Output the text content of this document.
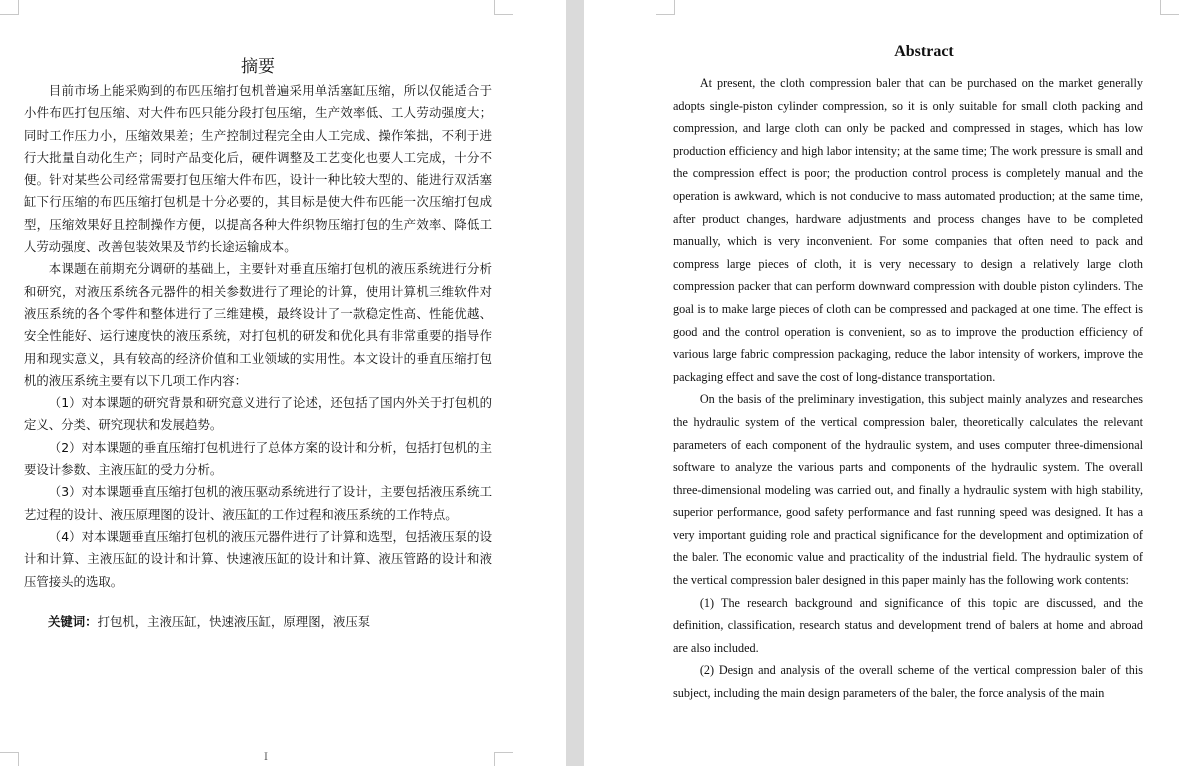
摘要

目前市场上能采购到的布匹压缩打包机普遍采用单活塞缸压缩，所以仅能适合于小件布匹打包压缩、对大件布匹只能分段打包压缩，生产效率低、工人劳动强度大；同时工作压力小，压缩效果差；生产控制过程完全由人工完成、操作笨拙，不利于进行大批量自动化生产；同时产品变化后，硬件调整及工艺变化也要人工完成，十分不便。针对某些公司经常需要打包压缩大件布匹，设计一种比较大型的、能进行双活塞缸下行压缩的布匹压缩打包机是十分必要的，其目标是使大件布匹能一次压缩打包成型，压缩效果好且控制操作方便，以提高各种大件织物压缩打包的生产效率、降低工人劳动强度、改善包装效果及节约长途运输成本。

本课题在前期充分调研的基础上，主要针对垂直压缩打包机的液压系统进行分析和研究，对液压系统各元器件的相关参数进行了理论的计算，使用计算机三维软件对液压系统的各个零件和整体进行了三维建模，最终设计了一款稳定性高、性能优越、安全性能好、运行速度快的液压系统，对打包机的研发和优化具有非常重要的指导作用和现实意义，具有较高的经济价值和工业领域的实用性。本文设计的垂直压缩打包机的液压系统主要有以下几项工作内容：

（1）对本课题的研究背景和研究意义进行了论述，还包括了国内外关于打包机的定义、分类、研究现状和发展趋势。

（2）对本课题的垂直压缩打包机进行了总体方案的设计和分析，包括打包机的主要设计参数、主液压缸的受力分析。

（3）对本课题垂直压缩打包机的液压驱动系统进行了设计，主要包括液压系统工艺过程的设计、液压原理图的设计、液压缸的工作过程和液压系统的工作特点。

（4）对本课题垂直压缩打包机的液压元器件进行了计算和选型，包括液压泵的设计和计算、主液压缸的设计和计算、快速液压缸的设计和计算、液压管路的设计和液压管接头的选取。

关键词：打包机，主液压缸，快速液压缸，原理图，液压泵
I
Abstract

At present, the cloth compression baler that can be purchased on the market generally adopts single-piston cylinder compression, so it is only suitable for small cloth packing and compression, and large cloth can only be packed and compressed in stages, which has low production efficiency and high labor intensity; at the same time; The work pressure is small and the compression effect is poor; the production control process is completely manual and the operation is awkward, which is not conducive to mass automated production; at the same time, after product changes, hardware adjustments and process changes have to be completed manually, which is very inconvenient. For some companies that often need to pack and compress large pieces of cloth, it is very necessary to design a relatively large cloth compression packer that can perform downward compression with double piston cylinders. The goal is to make large pieces of cloth can be compressed and packaged at one time. The effect is good and the control operation is convenient, so as to improve the production efficiency of various large fabric compression packaging, reduce the labor intensity of workers, improve the packaging effect and save the cost of long-distance transportation.

On the basis of the preliminary investigation, this subject mainly analyzes and researches the hydraulic system of the vertical compression baler, theoretically calculates the relevant parameters of each component of the hydraulic system, and uses computer three-dimensional software to analyze the various parts and components of the hydraulic system. The overall three-dimensional modeling was carried out, and finally a hydraulic system with high stability, superior performance, good safety performance and fast running speed was designed. It has a very important guiding role and practical significance for the development and optimization of the baler. The economic value and practicality of the industrial field. The hydraulic system of the vertical compression baler designed in this paper mainly has the following work contents:

(1) The research background and significance of this topic are discussed, and the definition, classification, research status and development trend of balers at home and abroad are also included.

(2) Design and analysis of the overall scheme of the vertical compression baler of this subject, including the main design parameters of the baler, the force analysis of the main
